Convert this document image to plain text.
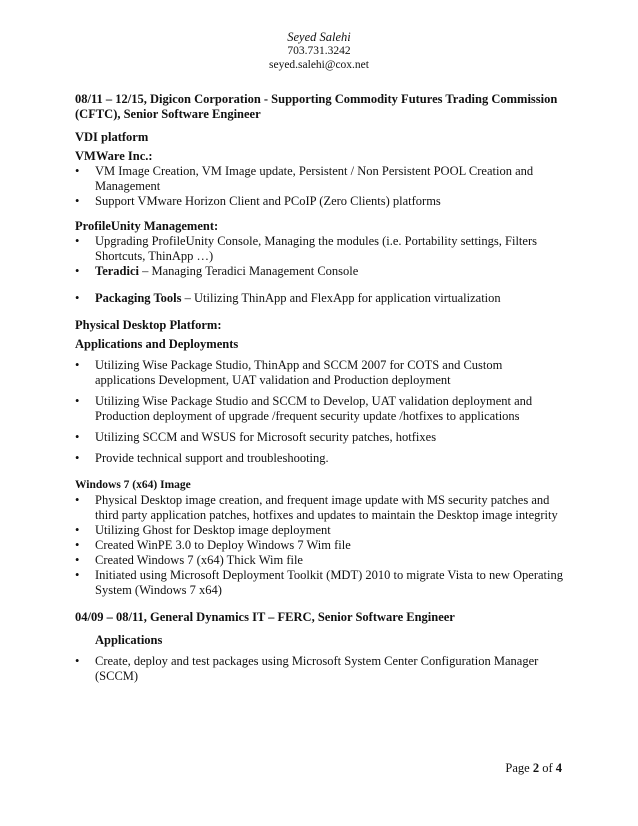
Seyed Salehi
703.731.3242
seyed.salehi@cox.net

08/11 – 12/15, Digicon Corporation - Supporting Commodity Futures Trading Commission

(CFTC), Senior Software Engineer

VDI platform

VMWare Inc.:

•	VM Image Creation, VM Image update, Persistent / Non Persistent POOL Creation and Management
•	Support VMware Horizon Client and PCoIP (Zero Clients) platforms

ProfileUnity Management:

•	Upgrading ProfileUnity Console, Managing the modules (i.e. Portability settings, Filters Shortcuts, ThinApp …)
•	Teradici – Managing Teradici Management Console
•	Packaging Tools – Utilizing ThinApp and FlexApp for application virtualization

Physical Desktop Platform:

Applications and Deployments

•	Utilizing Wise Package Studio, ThinApp and SCCM 2007 for COTS and Custom applications Development, UAT validation and Production deployment
•	Utilizing Wise Package Studio and SCCM to Develop, UAT validation deployment and Production deployment of upgrade /frequent security update /hotfixes to applications
•	Utilizing SCCM and WSUS for Microsoft security patches, hotfixes
•	Provide technical support and troubleshooting.

Windows 7 (x64) Image

•	Physical Desktop image creation, and frequent image update with MS security patches and third party application patches, hotfixes and updates to maintain the Desktop image integrity
•	Utilizing Ghost for Desktop image deployment
•	Created WinPE 3.0 to Deploy Windows 7 Wim file
•	Created Windows 7 (x64) Thick Wim file
•	Initiated using Microsoft Deployment Toolkit (MDT) 2010 to migrate Vista to new Operating System (Windows 7 x64)

04/09 – 08/11, General Dynamics IT – FERC, Senior Software Engineer

Applications

•	Create, deploy and test packages using Microsoft System Center Configuration Manager (SCCM)
Page 2 of 4
